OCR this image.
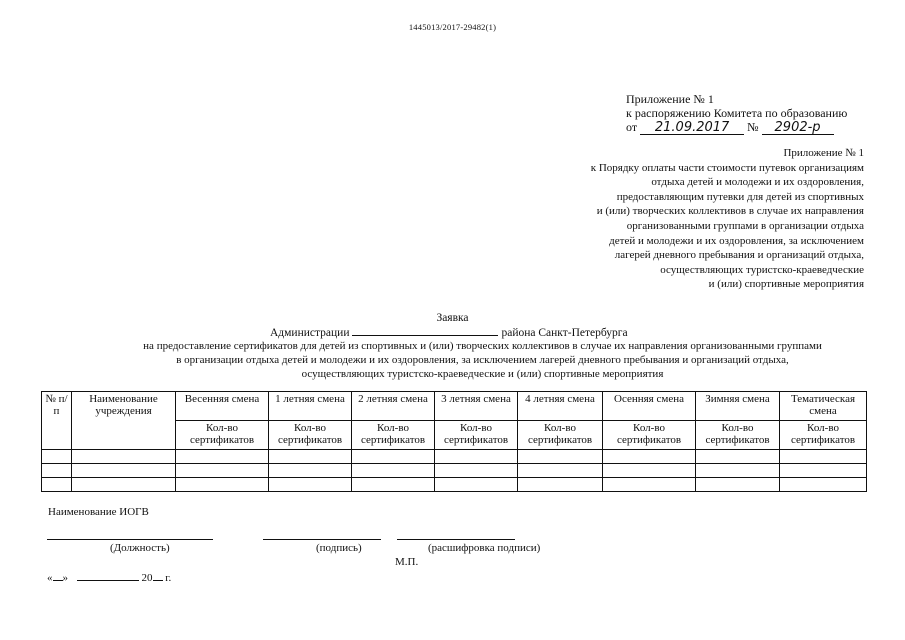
1445013/2017-29482(1)
Приложение № 1
к распоряжению Комитета по образованию
от 21.09.2017 № 2902-р
Приложение № 1
к Порядку оплаты части стоимости путевок организациям
отдыха детей и молодежи и их оздоровления,
предоставляющим путевки для детей из спортивных
и (или) творческих коллективов в случае их направления
организованными группами в организации отдыха
детей и молодежи и их оздоровления, за исключением
лагерей дневного пребывания и организаций отдыха,
осуществляющих туристско-краеведческие
и (или) спортивные мероприятия
Заявка
Администрации	района Санкт-Петербурга
на предоставление сертификатов для детей из спортивных и (или) творческих коллективов в случае их направления организованными группами
в организации отдыха детей и молодежи и их оздоровления, за исключением лагерей дневного пребывания и организаций отдыха,
осуществляющих туристско-краеведческие и (или) спортивные мероприятия
№ п/п	Наименование учреждения	Весенняя смена	1 летняя смена	2 летняя смена	3 летняя смена	4 летняя смена	Осенняя смена	Зимняя смена	Тематическая смена
		Кол-во сертификатов	Кол-во сертификатов	Кол-во сертификатов	Кол-во сертификатов	Кол-во сертификатов	Кол-во сертификатов	Кол-во сертификатов	Кол-во сертификатов

Наименование ИОГВ
(Должность)	(подпись)	(расшифровка подписи)
М.П.
« »	20 г.
